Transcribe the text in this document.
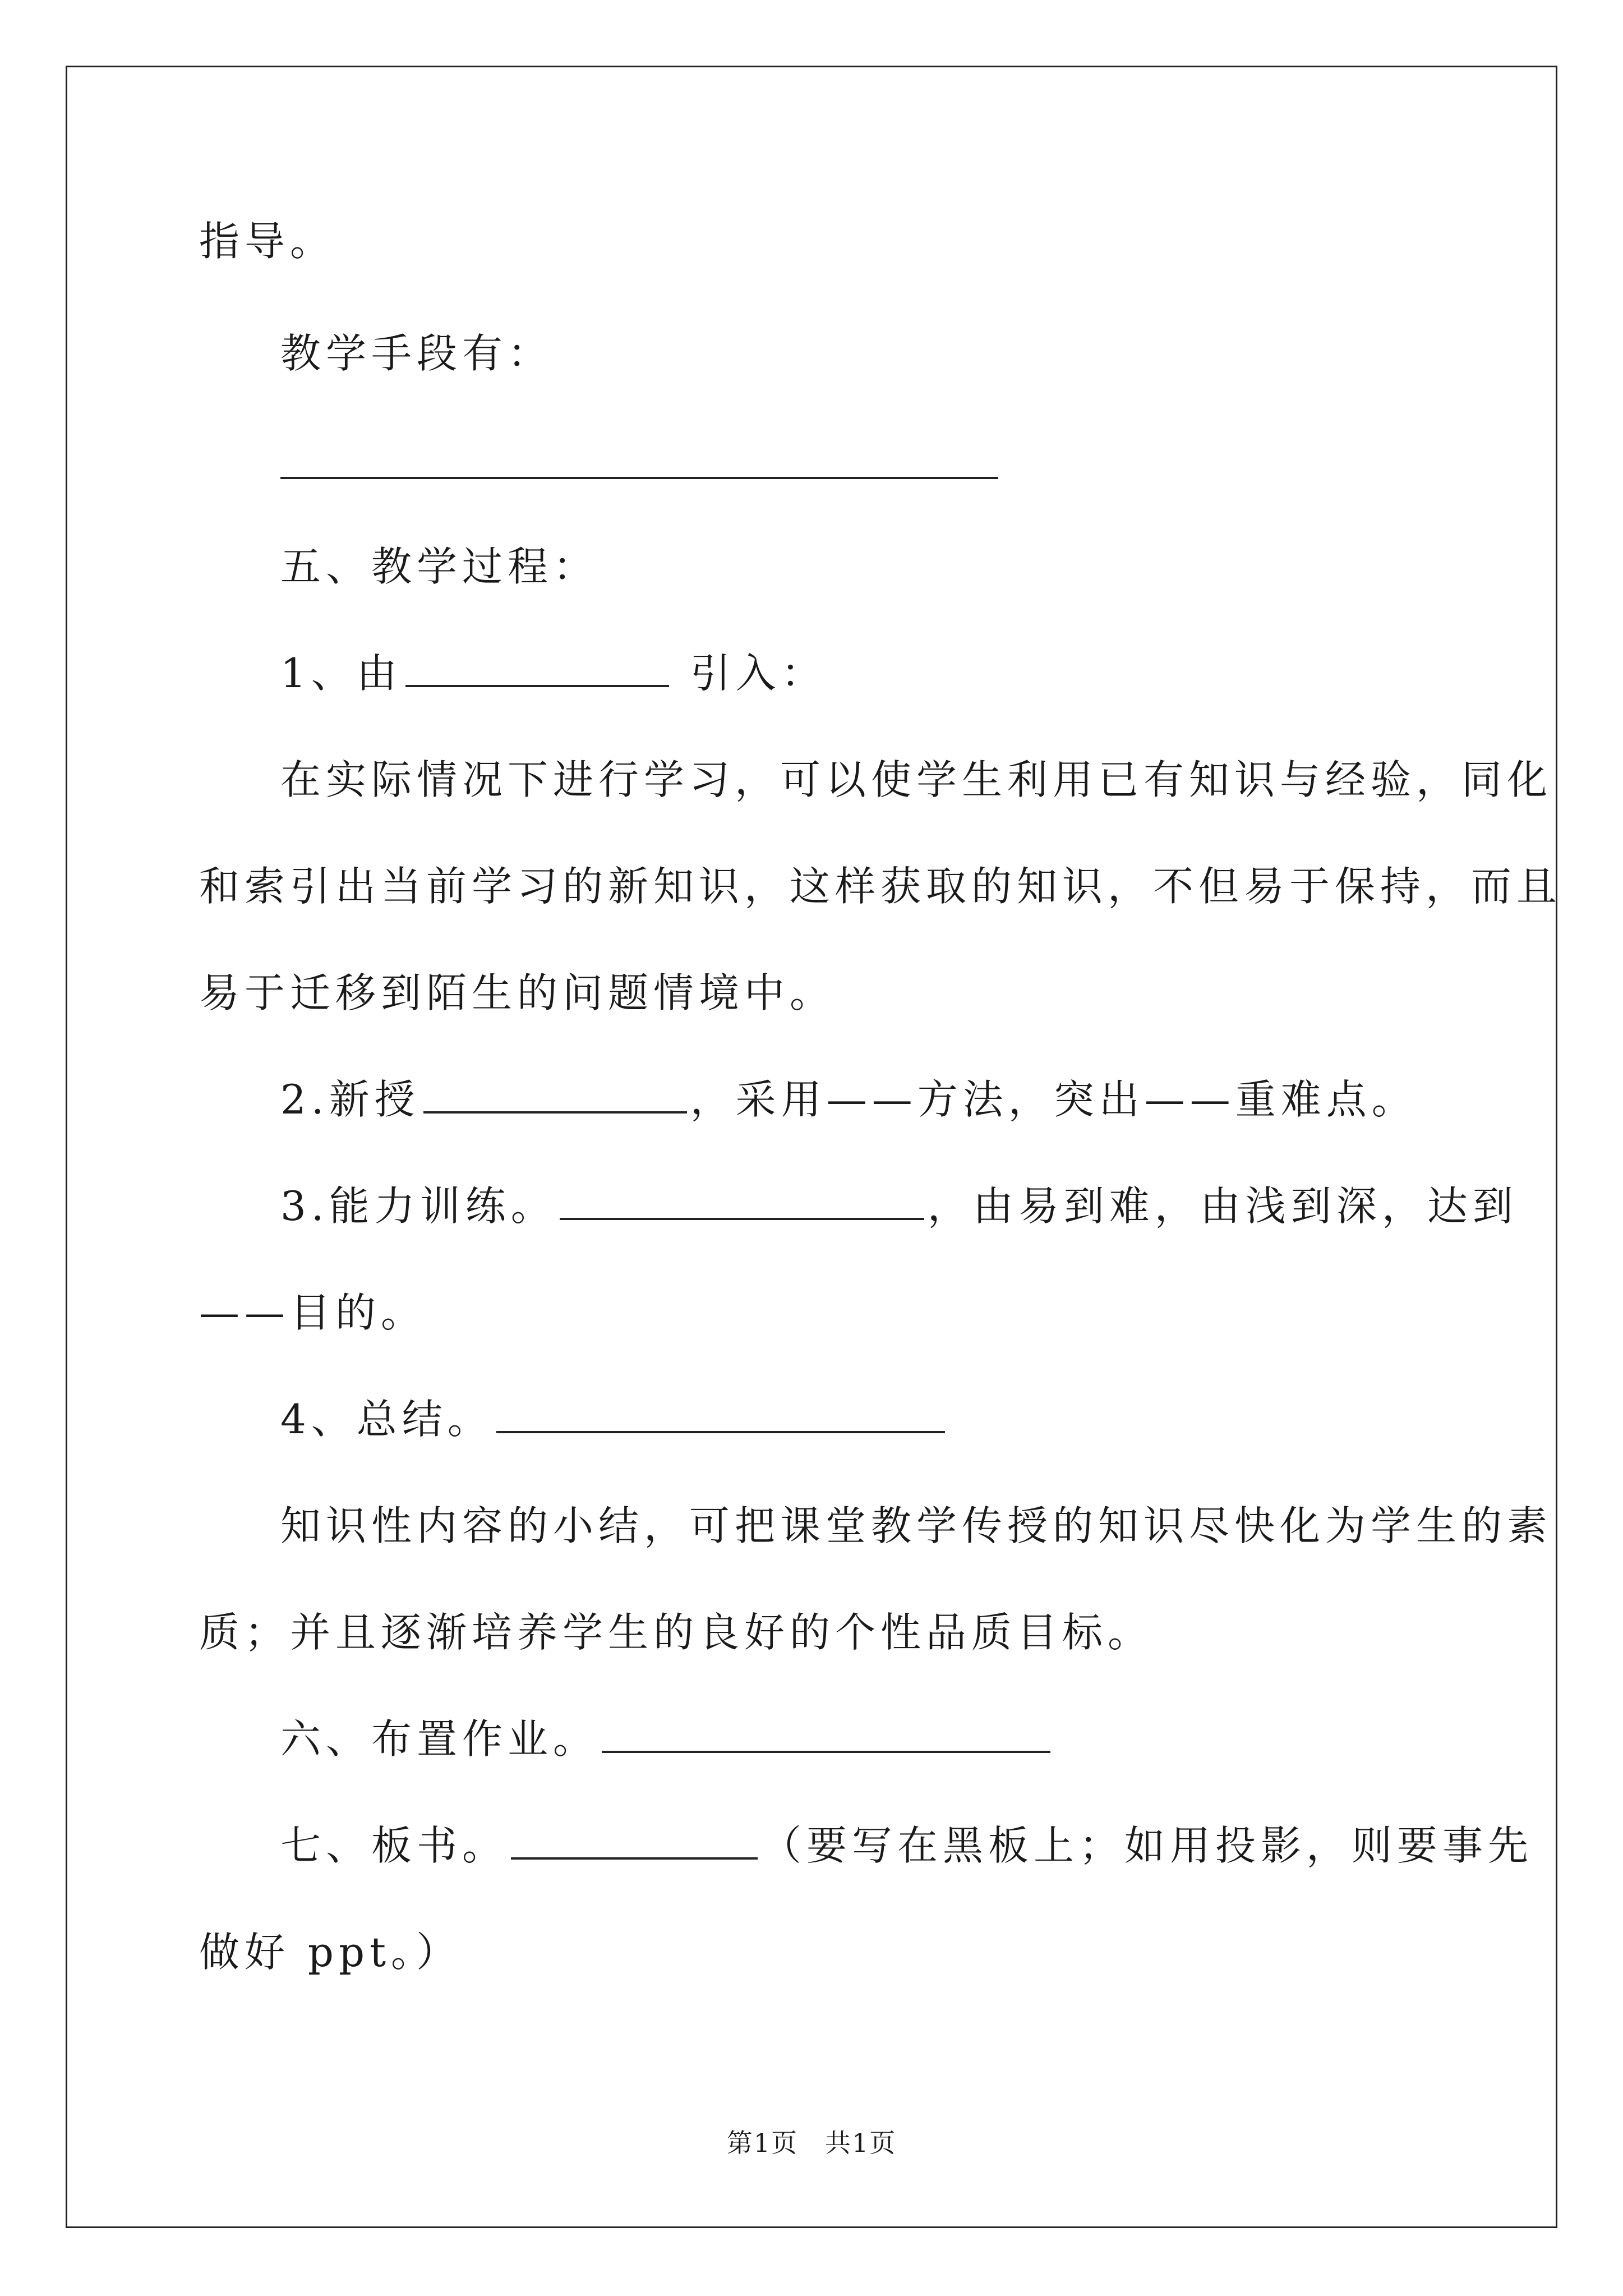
指导。
教学手段有：
五、教学过程：
1、由	引入：
在实际情况下进行学习，可以使学生利用已有知识与经验，同化
和索引出当前学习的新知识，这样获取的知识，不但易于保持，而且
易于迁移到陌生的问题情境中。
2.新授	，采用——方法，突出——重难点。
3.能力训练。	，由易到难，由浅到深，达到
——目的。
4、总结。
知识性内容的小结，可把课堂教学传授的知识尽快化为学生的素
质；并且逐渐培养学生的良好的个性品质目标。
六、布置作业。
七、板书。	（要写在黑板上；如用投影，则要事先
做好 ppt。）
第1页　共1页
